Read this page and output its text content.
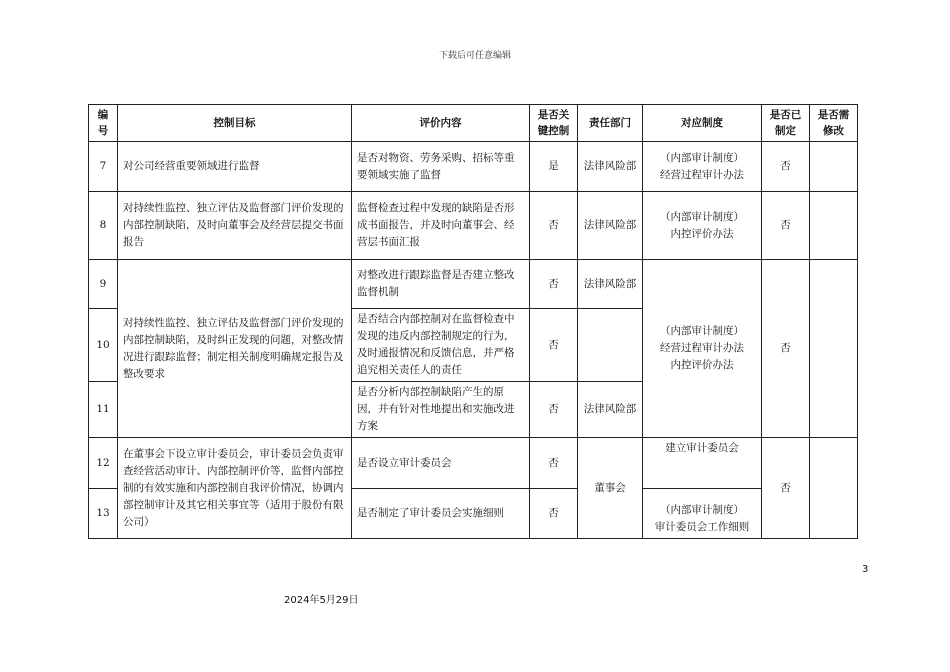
下载后可任意编辑
编号	控制目标	评价内容	是否关键控制	责任部门	对应制度	是否已制定	是否需修改
7	对公司经营重要领域进行监督	是否对物资、劳务采购、招标等重要领域实施了监督	是	法律风险部	（内部审计制度）
经营过程审计办法	否	
8	对持续性监控、独立评估及监督部门评价发现的内部控制缺陷，及时向董事会及经营层提交书面报告	监督检查过程中发现的缺陷是否形成书面报告，并及时向董事会、经营层书面汇报	否	法律风险部	（内部审计制度）
内控评价办法	否	
9	对持续性监控、独立评估及监督部门评价发现的内部控制缺陷，及时纠正发现的问题，对整改情况进行跟踪监督；制定相关制度明确规定报告及整改要求	对整改进行跟踪监督是否建立整改监督机制	否	法律风险部	（内部审计制度）
经营过程审计办法
内控评价办法	否	
10		是否结合内部控制对在监督检查中发现的违反内部控制规定的行为，及时通报情况和反馈信息，并严格追究相关责任人的责任	否				
11		是否分析内部控制缺陷产生的原因，并有针对性地提出和实施改进方案	否	法律风险部			
12	在董事会下设立审计委员会，审计委员会负责审查经营活动审计、内部控制评价等，监督内部控制的有效实施和内部控制自我评价情况，协调内部控制审计及其它相关事宜等（适用于股份有限公司）	是否设立审计委员会	否	董事会	建立审计委员会	否	
13		是否制定了审计委员会实施细则	否		（内部审计制度）
审计委员会工作细则		
3
2024年5月29日
